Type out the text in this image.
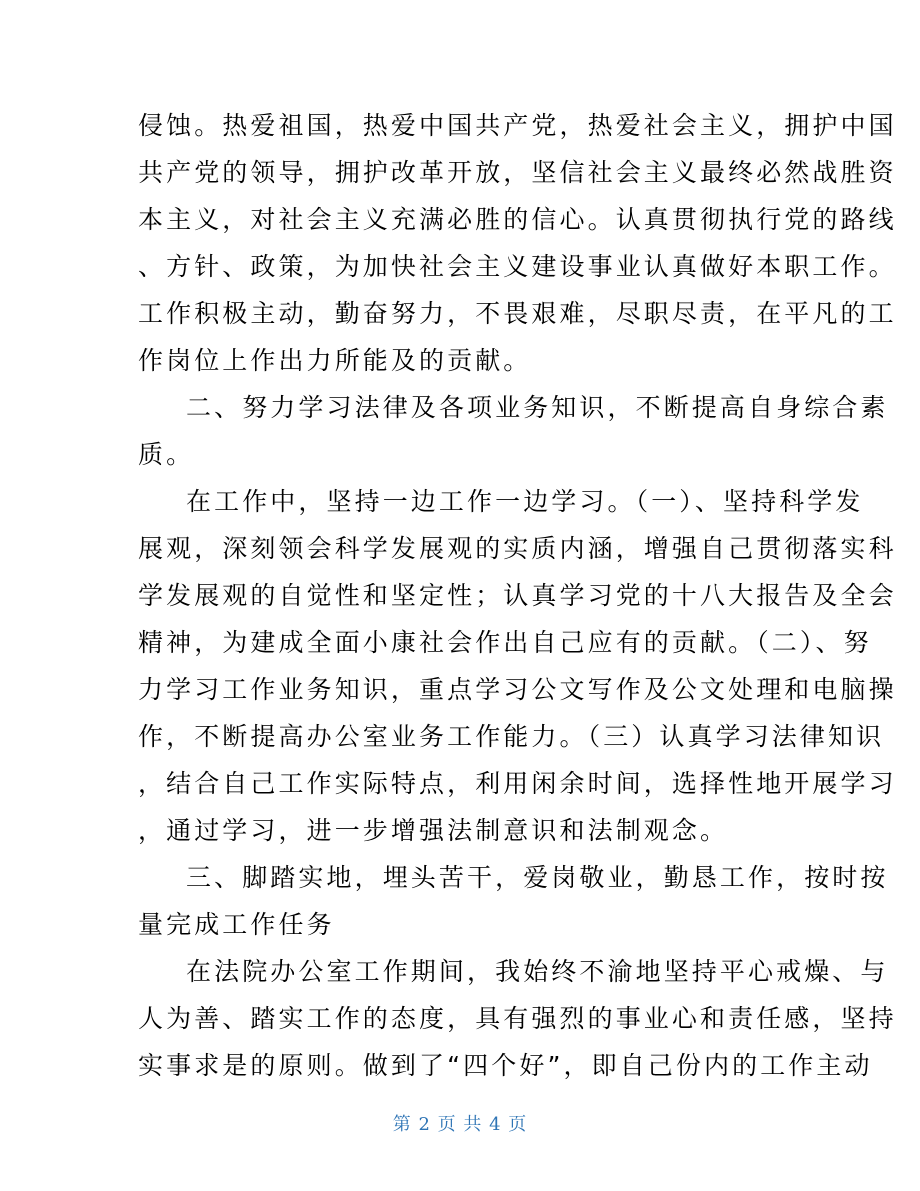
侵蚀。热爱祖国，热爱中国共产党，热爱社会主义，拥护中国
共产党的领导，拥护改革开放，坚信社会主义最终必然战胜资
本主义，对社会主义充满必胜的信心。认真贯彻执行党的路线
、方针、政策，为加快社会主义建设事业认真做好本职工作。
工作积极主动，勤奋努力，不畏艰难，尽职尽责，在平凡的工
作岗位上作出力所能及的贡献。
二、努力学习法律及各项业务知识，不断提高自身综合素
质。
在工作中，坚持一边工作一边学习。（一）、坚持科学发
展观，深刻领会科学发展观的实质内涵，增强自己贯彻落实科
学发展观的自觉性和坚定性；认真学习党的十八大报告及全会
精神，为建成全面小康社会作出自己应有的贡献。（二）、努
力学习工作业务知识，重点学习公文写作及公文处理和电脑操
作，不断提高办公室业务工作能力。（三）认真学习法律知识
，结合自己工作实际特点，利用闲余时间，选择性地开展学习
，通过学习，进一步增强法制意识和法制观念。
三、脚踏实地，埋头苦干，爱岗敬业，勤恳工作，按时按
量完成工作任务
在法院办公室工作期间，我始终不渝地坚持平心戒燥、与
人为善、踏实工作的态度，具有强烈的事业心和责任感，坚持
实事求是的原则。做到了“四个好”，即自己份内的工作主动
第 2 页 共 4 页
